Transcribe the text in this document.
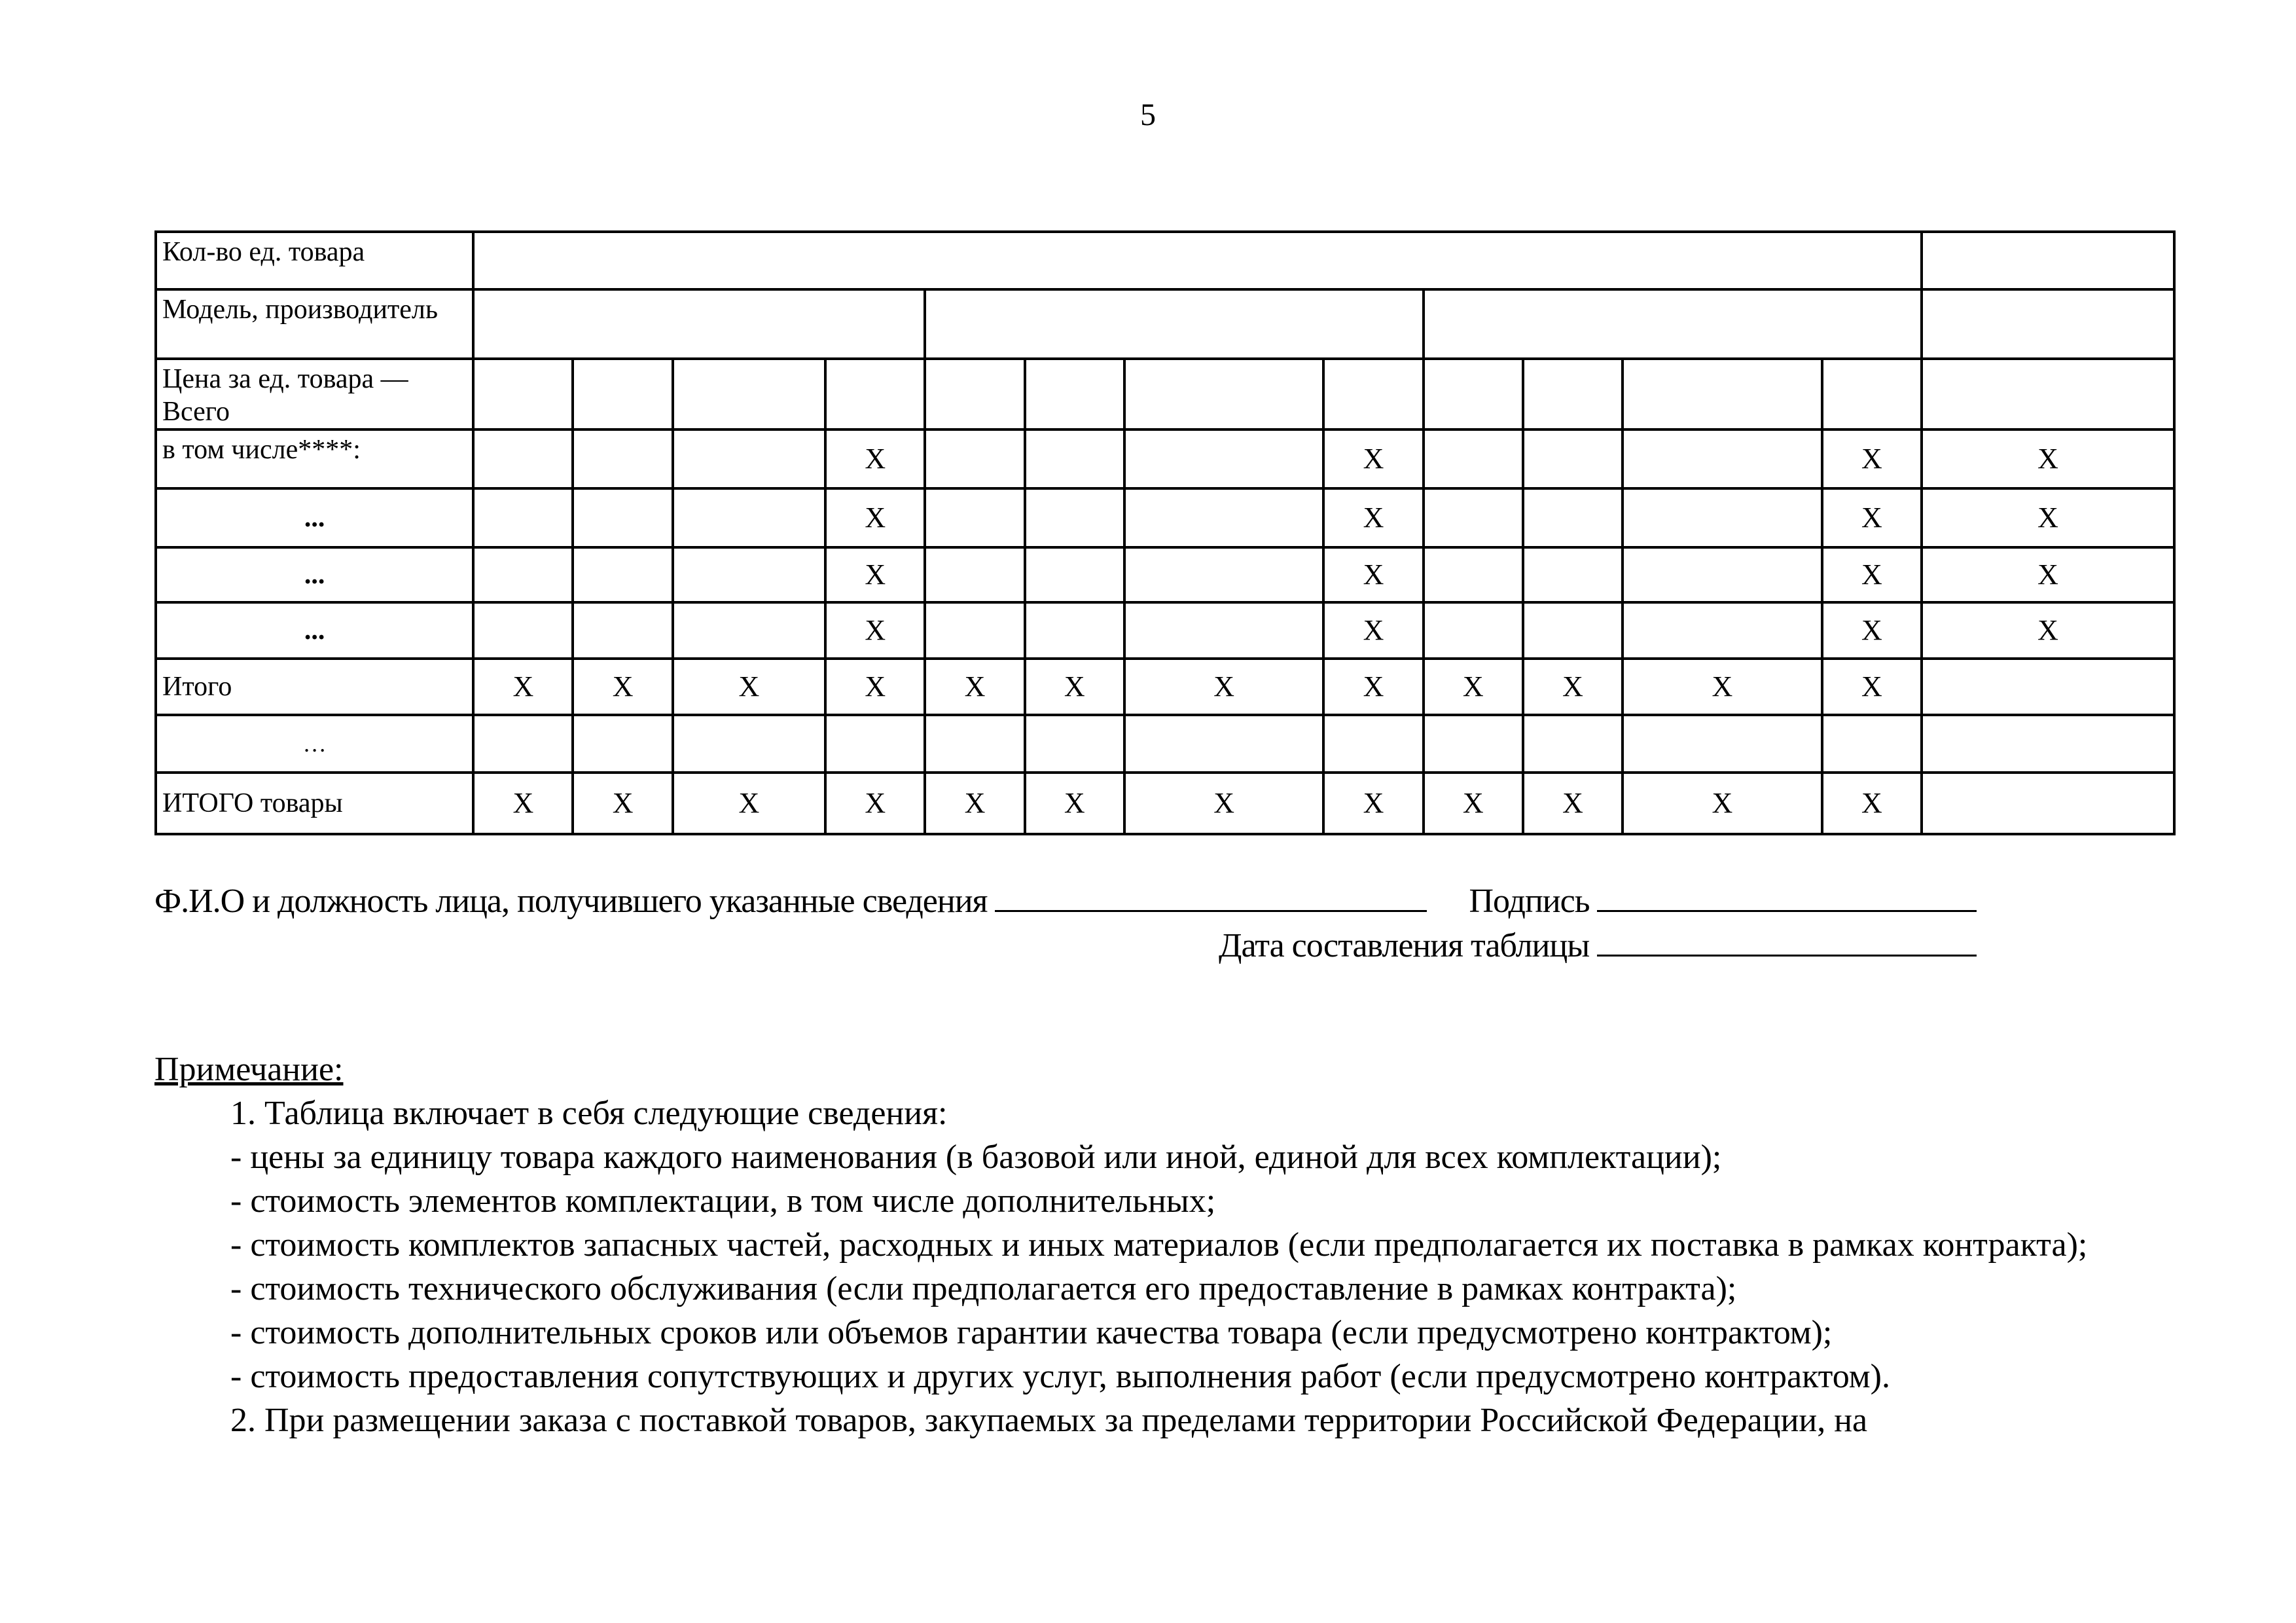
5
Кол-во ед. товара													
Модель, производитель													
Цена за ед. товара — Всего													
в том числе****:				Х				Х				Х	Х
...				Х				Х				Х	Х
...				Х				Х				Х	Х
...				Х				Х				Х	Х
Итого	Х	Х	Х	Х	Х	Х	Х	Х	Х	Х	Х	Х	
…													
ИТОГО товары	Х	Х	Х	Х	Х	Х	Х	Х	Х	Х	Х	Х	
Ф.И.О и должность лица, получившего указанные сведения	Подпись
Дата составления таблицы

Примечание:

1. Таблица включает в себя следующие сведения:

- цены за единицу товара каждого наименования (в базовой или иной, единой для всех комплектации);

- стоимость элементов комплектации, в том числе дополнительных;

- стоимость комплектов запасных частей, расходных и иных материалов (если предполагается их поставка в рамках контракта);

- стоимость технического обслуживания (если предполагается его предоставление в рамках контракта);

- стоимость дополнительных сроков или объемов гарантии качества товара (если предусмотрено контрактом);

- стоимость предоставления сопутствующих и других услуг, выполнения работ (если предусмотрено контрактом).

2. При размещении заказа с поставкой товаров, закупаемых за пределами территории Российской Федерации, на
